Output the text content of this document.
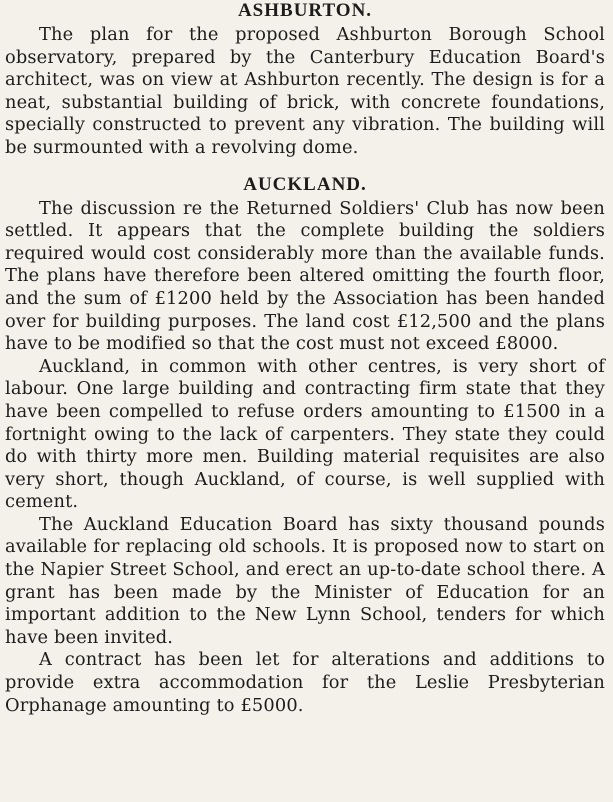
ASHBURTON.

The plan for the proposed Ashburton Borough School observatory, prepared by the Canterbury Education Board's architect, was on view at Ashburton recently. The design is for a neat, substantial building of brick, with concrete foundations, specially constructed to prevent any vibration. The building will be surmounted with a revolving dome.

AUCKLAND.

The discussion re the Returned Soldiers' Club has now been settled. It appears that the complete building the soldiers required would cost considerably more than the available funds. The plans have therefore been altered omitting the fourth floor, and the sum of £1200 held by the Association has been handed over for building purposes. The land cost £12,500 and the plans have to be modified so that the cost must not exceed £8000.

Auckland, in common with other centres, is very short of labour. One large building and contracting firm state that they have been compelled to refuse orders amounting to £1500 in a fortnight owing to the lack of carpenters. They state they could do with thirty more men. Building material requisites are also very short, though Auckland, of course, is well supplied with cement.

The Auckland Education Board has sixty thousand pounds available for replacing old schools. It is proposed now to start on the Napier Street School, and erect an up-to-date school there. A grant has been made by the Minister of Education for an important addition to the New Lynn School, tenders for which have been invited.

A contract has been let for alterations and additions to provide extra accommodation for the Leslie Presbyterian Orphanage amounting to £5000.
